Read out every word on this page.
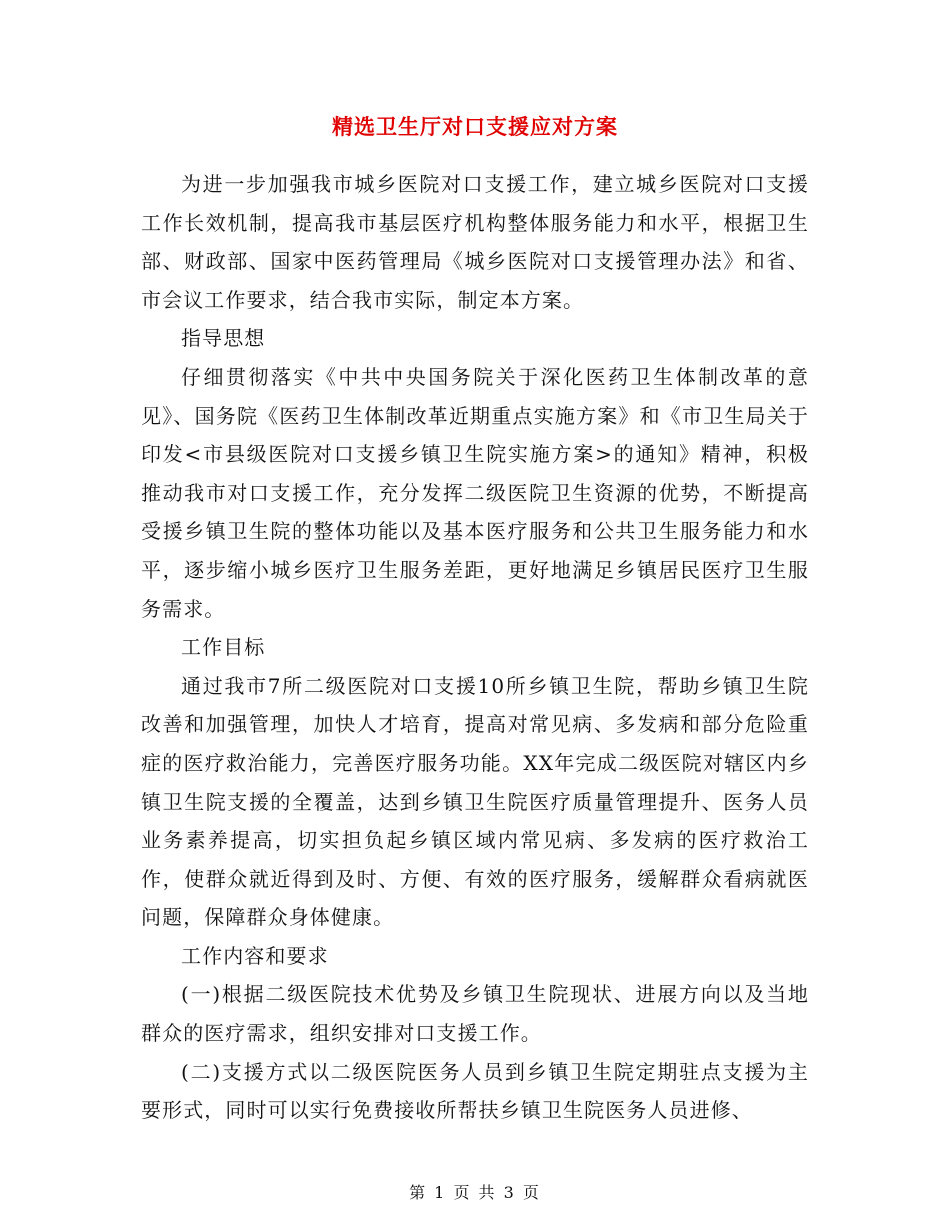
精选卫生厅对口支援应对方案

为进一步加强我市城乡医院对口支援工作，建立城乡医院对口支援工作长效机制，提高我市基层医疗机构整体服务能力和水平，根据卫生部、财政部、国家中医药管理局《城乡医院对口支援管理办法》和省、市会议工作要求，结合我市实际，制定本方案。

指导思想

仔细贯彻落实《中共中央国务院关于深化医药卫生体制改革的意见》、国务院《医药卫生体制改革近期重点实施方案》和《市卫生局关于印发<市县级医院对口支援乡镇卫生院实施方案>的通知》精神，积极推动我市对口支援工作，充分发挥二级医院卫生资源的优势，不断提高受援乡镇卫生院的整体功能以及基本医疗服务和公共卫生服务能力和水平，逐步缩小城乡医疗卫生服务差距，更好地满足乡镇居民医疗卫生服务需求。

工作目标

通过我市7所二级医院对口支援10所乡镇卫生院，帮助乡镇卫生院改善和加强管理，加快人才培育，提高对常见病、多发病和部分危险重症的医疗救治能力，完善医疗服务功能。XX年完成二级医院对辖区内乡镇卫生院支援的全覆盖，达到乡镇卫生院医疗质量管理提升、医务人员业务素养提高，切实担负起乡镇区域内常见病、多发病的医疗救治工作，使群众就近得到及时、方便、有效的医疗服务，缓解群众看病就医问题，保障群众身体健康。

工作内容和要求

(一)根据二级医院技术优势及乡镇卫生院现状、进展方向以及当地群众的医疗需求，组织安排对口支援工作。

(二)支援方式以二级医院医务人员到乡镇卫生院定期驻点支援为主要形式，同时可以实行免费接收所帮扶乡镇卫生院医务人员进修、

第 1 页 共 3 页
